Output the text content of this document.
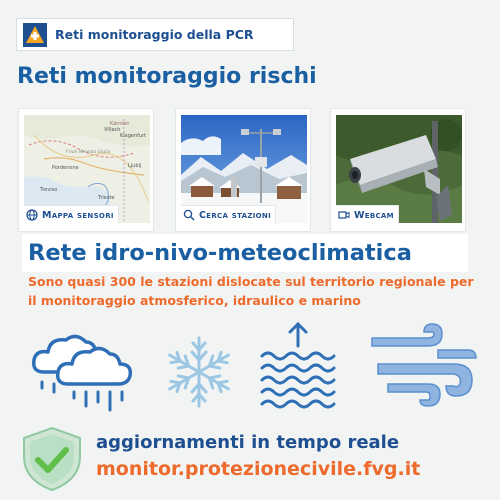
Reti monitoraggio della PCR
Reti monitoraggio rischi
Kärnten
Villach
Klagenfurt
Friuli Venezia Giulia
Pordenone	Ljublj
Treviso
Trieste
Mappa sensori	Cerca stazioni	Webcam
Rete idro-nivo-meteoclimatica
Sono quasi 300 le stazioni dislocate sul territorio regionale per il monitoraggio atmosferico, idraulico e marino
aggiornamenti in tempo reale
monitor.protezionecivile.fvg.it
